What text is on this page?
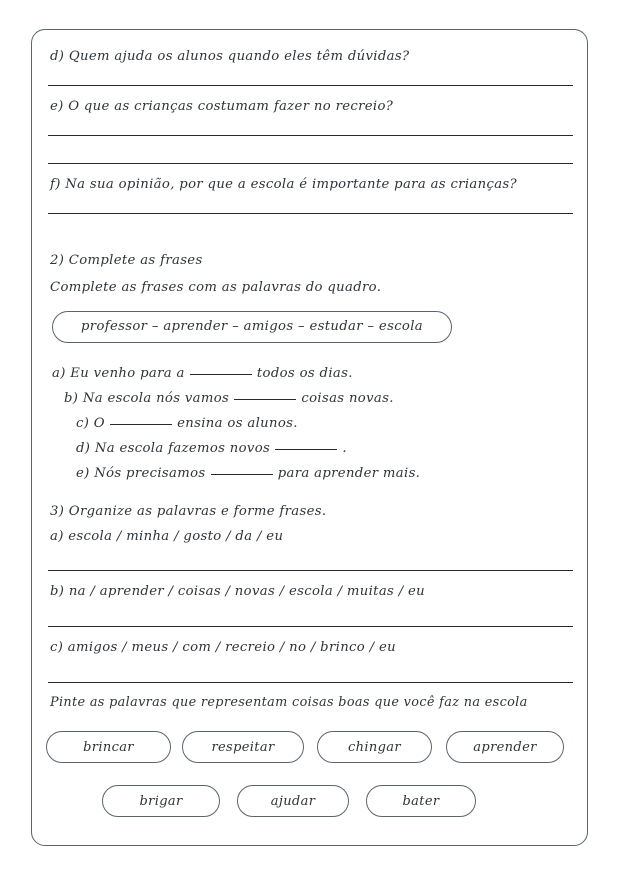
d) Quem ajuda os alunos quando eles têm dúvidas?
e) O que as crianças costumam fazer no recreio?
f) Na sua opinião, por que a escola é importante para as crianças?
2) Complete as frases
Complete as frases com as palavras do quadro.
professor – aprender – amigos – estudar – escola
a) Eu venho para a	todos os dias.
b) Na escola nós vamos	coisas novas.
c) O	ensina os alunos.
d) Na escola fazemos novos	.
e) Nós precisamos	para aprender mais.
3) Organize as palavras e forme frases.
a) escola / minha / gosto / da / eu
b) na / aprender / coisas / novas / escola / muitas / eu
c) amigos / meus / com / recreio / no / brinco / eu
Pinte as palavras que representam coisas boas que você faz na escola
brincar	respeitar	chingar	aprender
brigar	ajudar	bater
